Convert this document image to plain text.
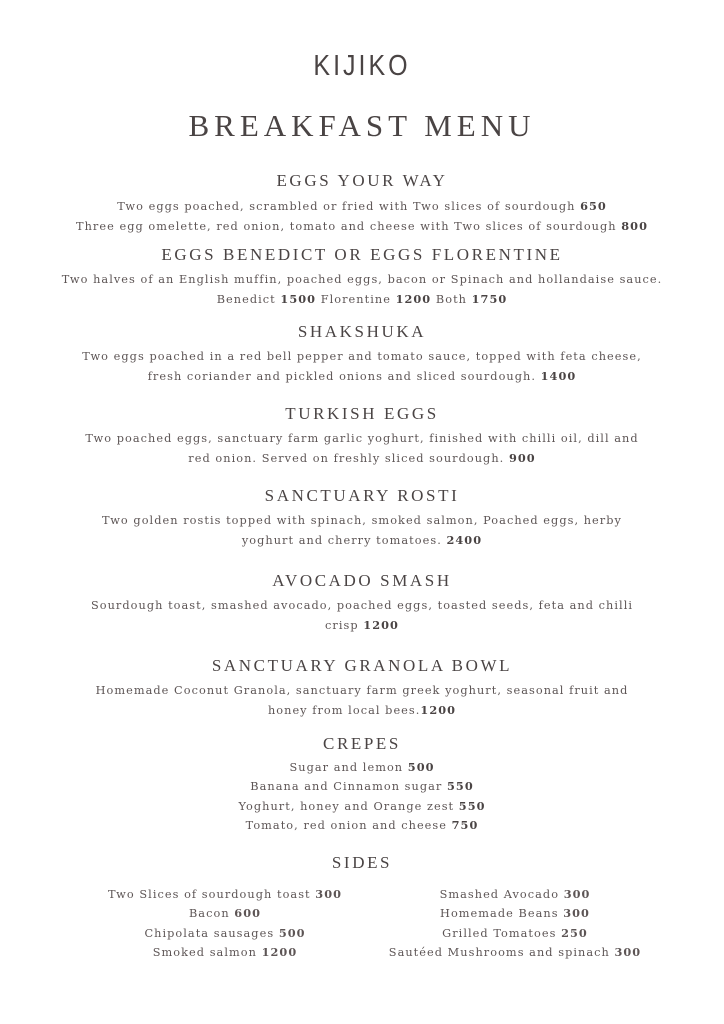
KIJIKO
BREAKFAST MENU
EGGS YOUR WAY
Two eggs poached, scrambled or fried with Two slices of sourdough 650
Three egg omelette, red onion, tomato and cheese with Two slices of sourdough 800
EGGS BENEDICT OR EGGS FLORENTINE
Two halves of an English muffin, poached eggs, bacon or Spinach and hollandaise sauce.
Benedict 1500 Florentine 1200 Both 1750
SHAKSHUKA
Two eggs poached in a red bell pepper and tomato sauce, topped with feta cheese,
fresh coriander and pickled onions and sliced sourdough. 1400
TURKISH EGGS
Two poached eggs, sanctuary farm garlic yoghurt, finished with chilli oil, dill and
red onion. Served on freshly sliced sourdough. 900
SANCTUARY ROSTI
Two golden rostis topped with spinach, smoked salmon, Poached eggs, herby
yoghurt and cherry tomatoes. 2400
AVOCADO SMASH
Sourdough toast, smashed avocado, poached eggs, toasted seeds, feta and chilli
crisp 1200
SANCTUARY GRANOLA BOWL
Homemade Coconut Granola, sanctuary farm greek yoghurt, seasonal fruit and
honey from local bees.1200
CREPES
Sugar and lemon 500
Banana and Cinnamon sugar 550
Yoghurt, honey and Orange zest 550
Tomato, red onion and cheese 750
SIDES
Two Slices of sourdough toast 300
Bacon 600
Chipolata sausages 500
Smoked salmon 1200
Smashed Avocado 300
Homemade Beans 300
Grilled Tomatoes 250
Sautéed Mushrooms and spinach 300
